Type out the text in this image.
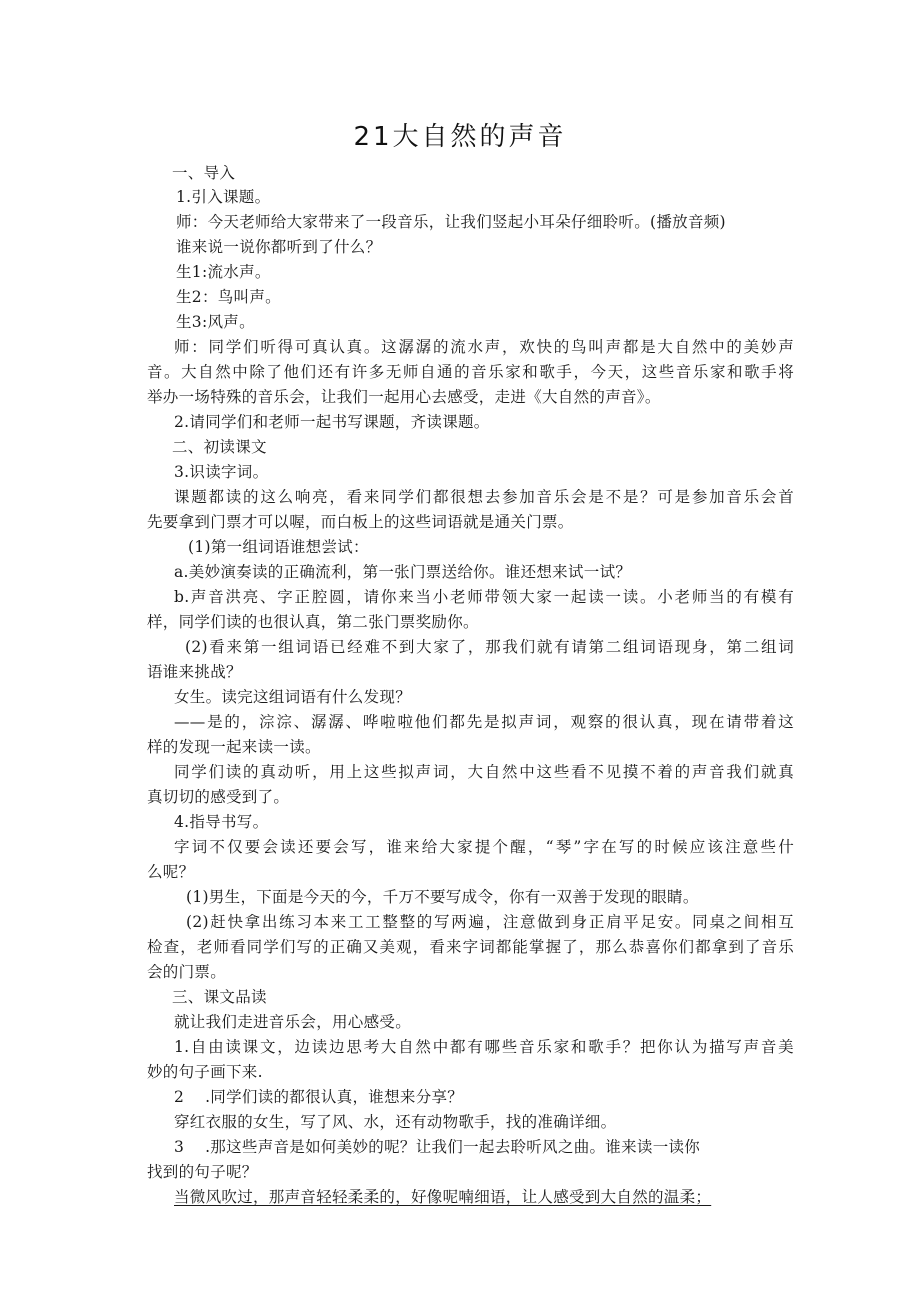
21大自然的声音
一、导入
1.引入课题。
师：今天老师给大家带来了一段音乐，让我们竖起小耳朵仔细聆听。(播放音频)
谁来说一说你都听到了什么？
生1:流水声。
生2：鸟叫声。
生3:风声。
师：同学们听得可真认真。这潺潺的流水声，欢快的鸟叫声都是大自然中的美妙声
音。大自然中除了他们还有许多无师自通的音乐家和歌手，今天，这些音乐家和歌手将
举办一场特殊的音乐会，让我们一起用心去感受，走进《大自然的声音》。
2.请同学们和老师一起书写课题，齐读课题。
二、初读课文
3.识读字词。
课题都读的这么响亮，看来同学们都很想去参加音乐会是不是？可是参加音乐会首
先要拿到门票才可以喔，而白板上的这些词语就是通关门票。
(1)第一组词语谁想尝试：
a.美妙演奏读的正确流利，第一张门票送给你。谁还想来试一试？
b.声音洪亮、字正腔圆，请你来当小老师带领大家一起读一读。小老师当的有模有
样，同学们读的也很认真，第二张门票奖励你。
(2)看来第一组词语已经难不到大家了，那我们就有请第二组词语现身，第二组词
语谁来挑战？
女生。读完这组词语有什么发现？
——是的，淙淙、潺潺、哗啦啦他们都先是拟声词，观察的很认真，现在请带着这
样的发现一起来读一读。
同学们读的真动听，用上这些拟声词，大自然中这些看不见摸不着的声音我们就真
真切切的感受到了。
4.指导书写。
字词不仅要会读还要会写，谁来给大家提个醒，“琴”字在写的时候应该注意些什
么呢？
(1)男生，下面是今天的今，千万不要写成令，你有一双善于发现的眼睛。
(2)赶快拿出练习本来工工整整的写两遍，注意做到身正肩平足安。同桌之间相互
检查，老师看同学们写的正确又美观，看来字词都能掌握了，那么恭喜你们都拿到了音乐
会的门票。
三、课文品读
就让我们走进音乐会，用心感受。
1.自由读课文，边读边思考大自然中都有哪些音乐家和歌手？把你认为描写声音美
妙的句子画下来.
2    .同学们读的都很认真，谁想来分享？
穿红衣服的女生，写了风、水，还有动物歌手，找的准确详细。
3    .那这些声音是如何美妙的呢？让我们一起去聆听风之曲。谁来读一读你
找到的句子呢？
当微风吹过，那声音轻轻柔柔的，好像呢喃细语，让人感受到大自然的温柔；
